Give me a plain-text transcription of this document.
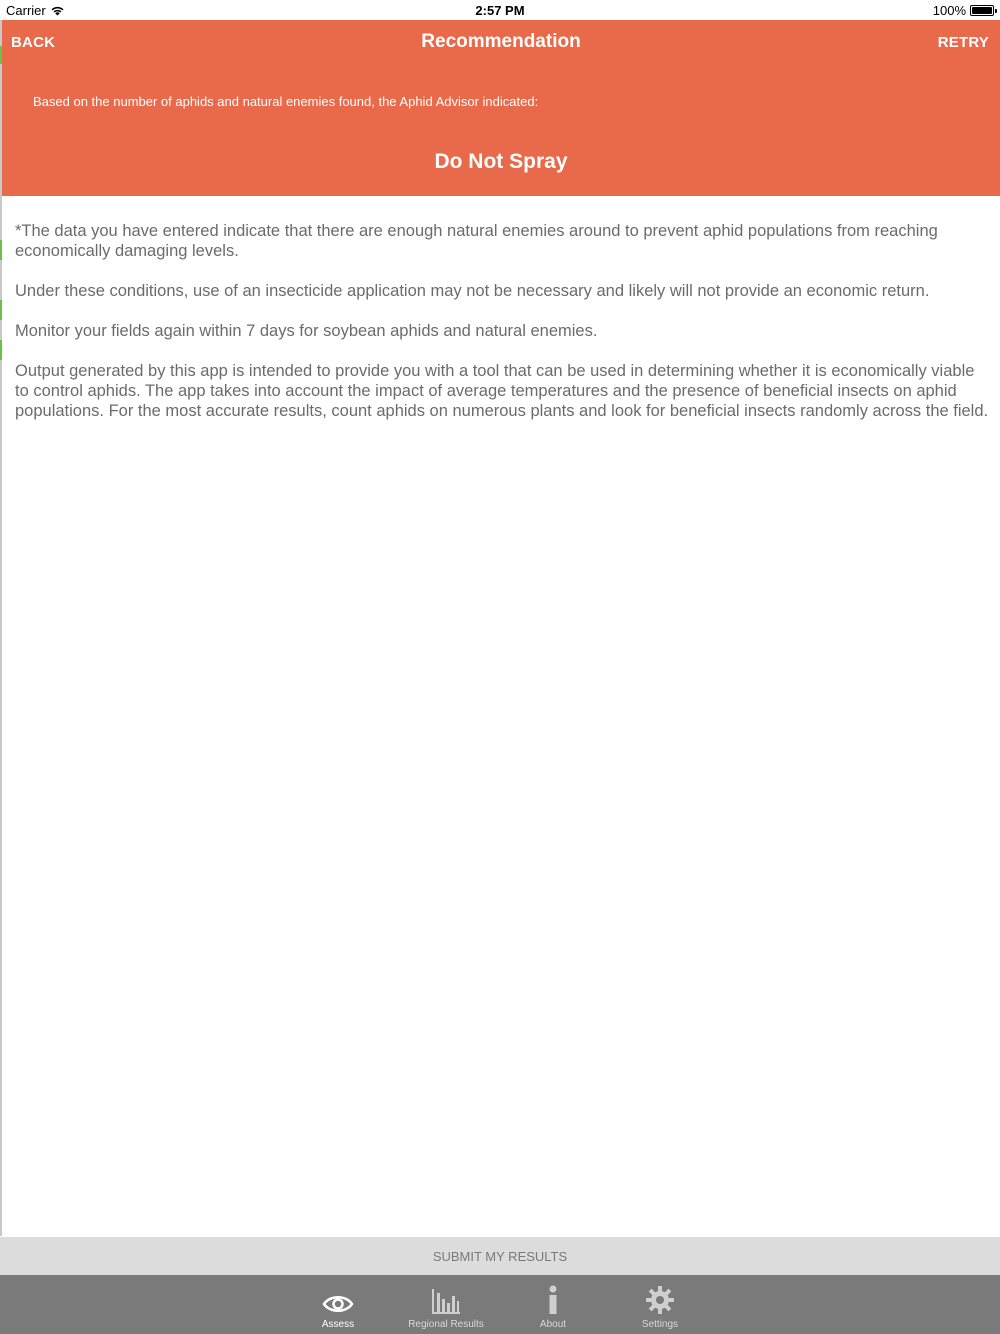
Carrier	2:57 PM	100%
BACK	Recommendation	RETRY
Based on the number of aphids and natural enemies found, the Aphid Advisor indicated:
Do Not Spray

*The data you have entered indicate that there are enough natural enemies around to prevent aphid populations from reaching economically damaging levels.

Under these conditions, use of an insecticide application may not be necessary and likely will not provide an economic return.

Monitor your fields again within 7 days for soybean aphids and natural enemies.

Output generated by this app is intended to provide you with a tool that can be used in determining whether it is economically viable to control aphids. The app takes into account the impact of average temperatures and the presence of beneficial insects on aphid populations. For the most accurate results, count aphids on numerous plants and look for beneficial insects randomly across the field.

SUBMIT MY RESULTS
Assess	Regional Results	About	Settings
